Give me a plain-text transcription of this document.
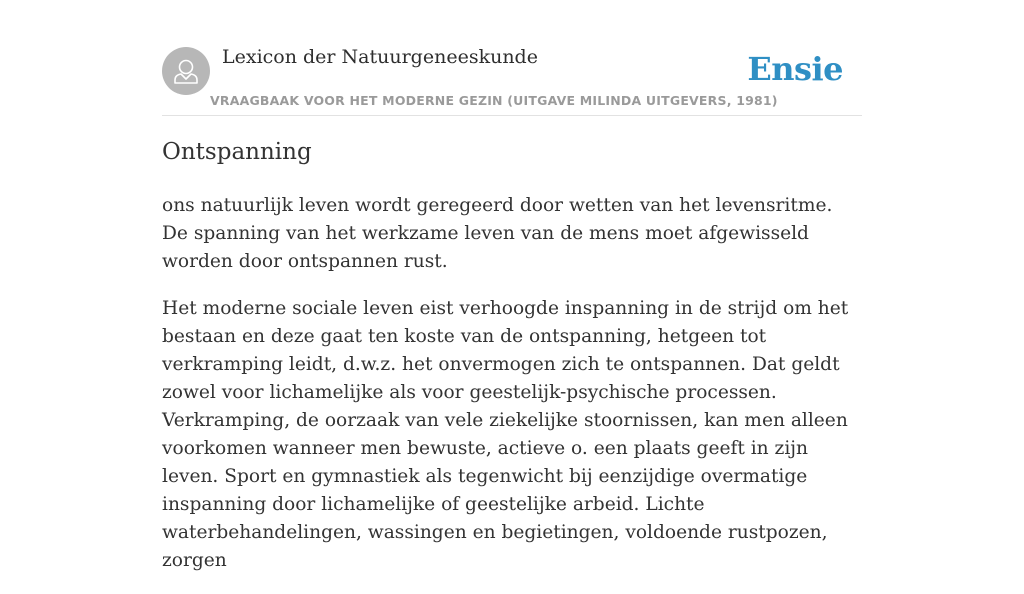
Lexicon der Natuurgeneeskunde
VRAAGBAAK VOOR HET MODERNE GEZIN (UITGAVE MILINDA UITGEVERS, 1981)
Ensie
Ontspanning

ons natuurlijk leven wordt geregeerd door wetten van het levensritme. De spanning van het werkzame leven van de mens moet afgewisseld worden door ontspannen rust.

Het moderne sociale leven eist verhoogde inspanning in de strijd om het bestaan en deze gaat ten koste van de ontspanning, hetgeen tot verkramping leidt, d.w.z. het onvermogen zich te ontspannen. Dat geldt zowel voor lichamelijke als voor geestelijk-psychische processen. Verkramping, de oorzaak van vele ziekelijke stoornissen, kan men alleen voorkomen wanneer men bewuste, actieve o. een plaats geeft in zijn leven. Sport en gymnastiek als tegenwicht bij eenzijdige overmatige inspanning door lichamelijke of geestelijke arbeid. Lichte waterbehandelingen, wassingen en begietingen, voldoende rustpozen, zorgen
